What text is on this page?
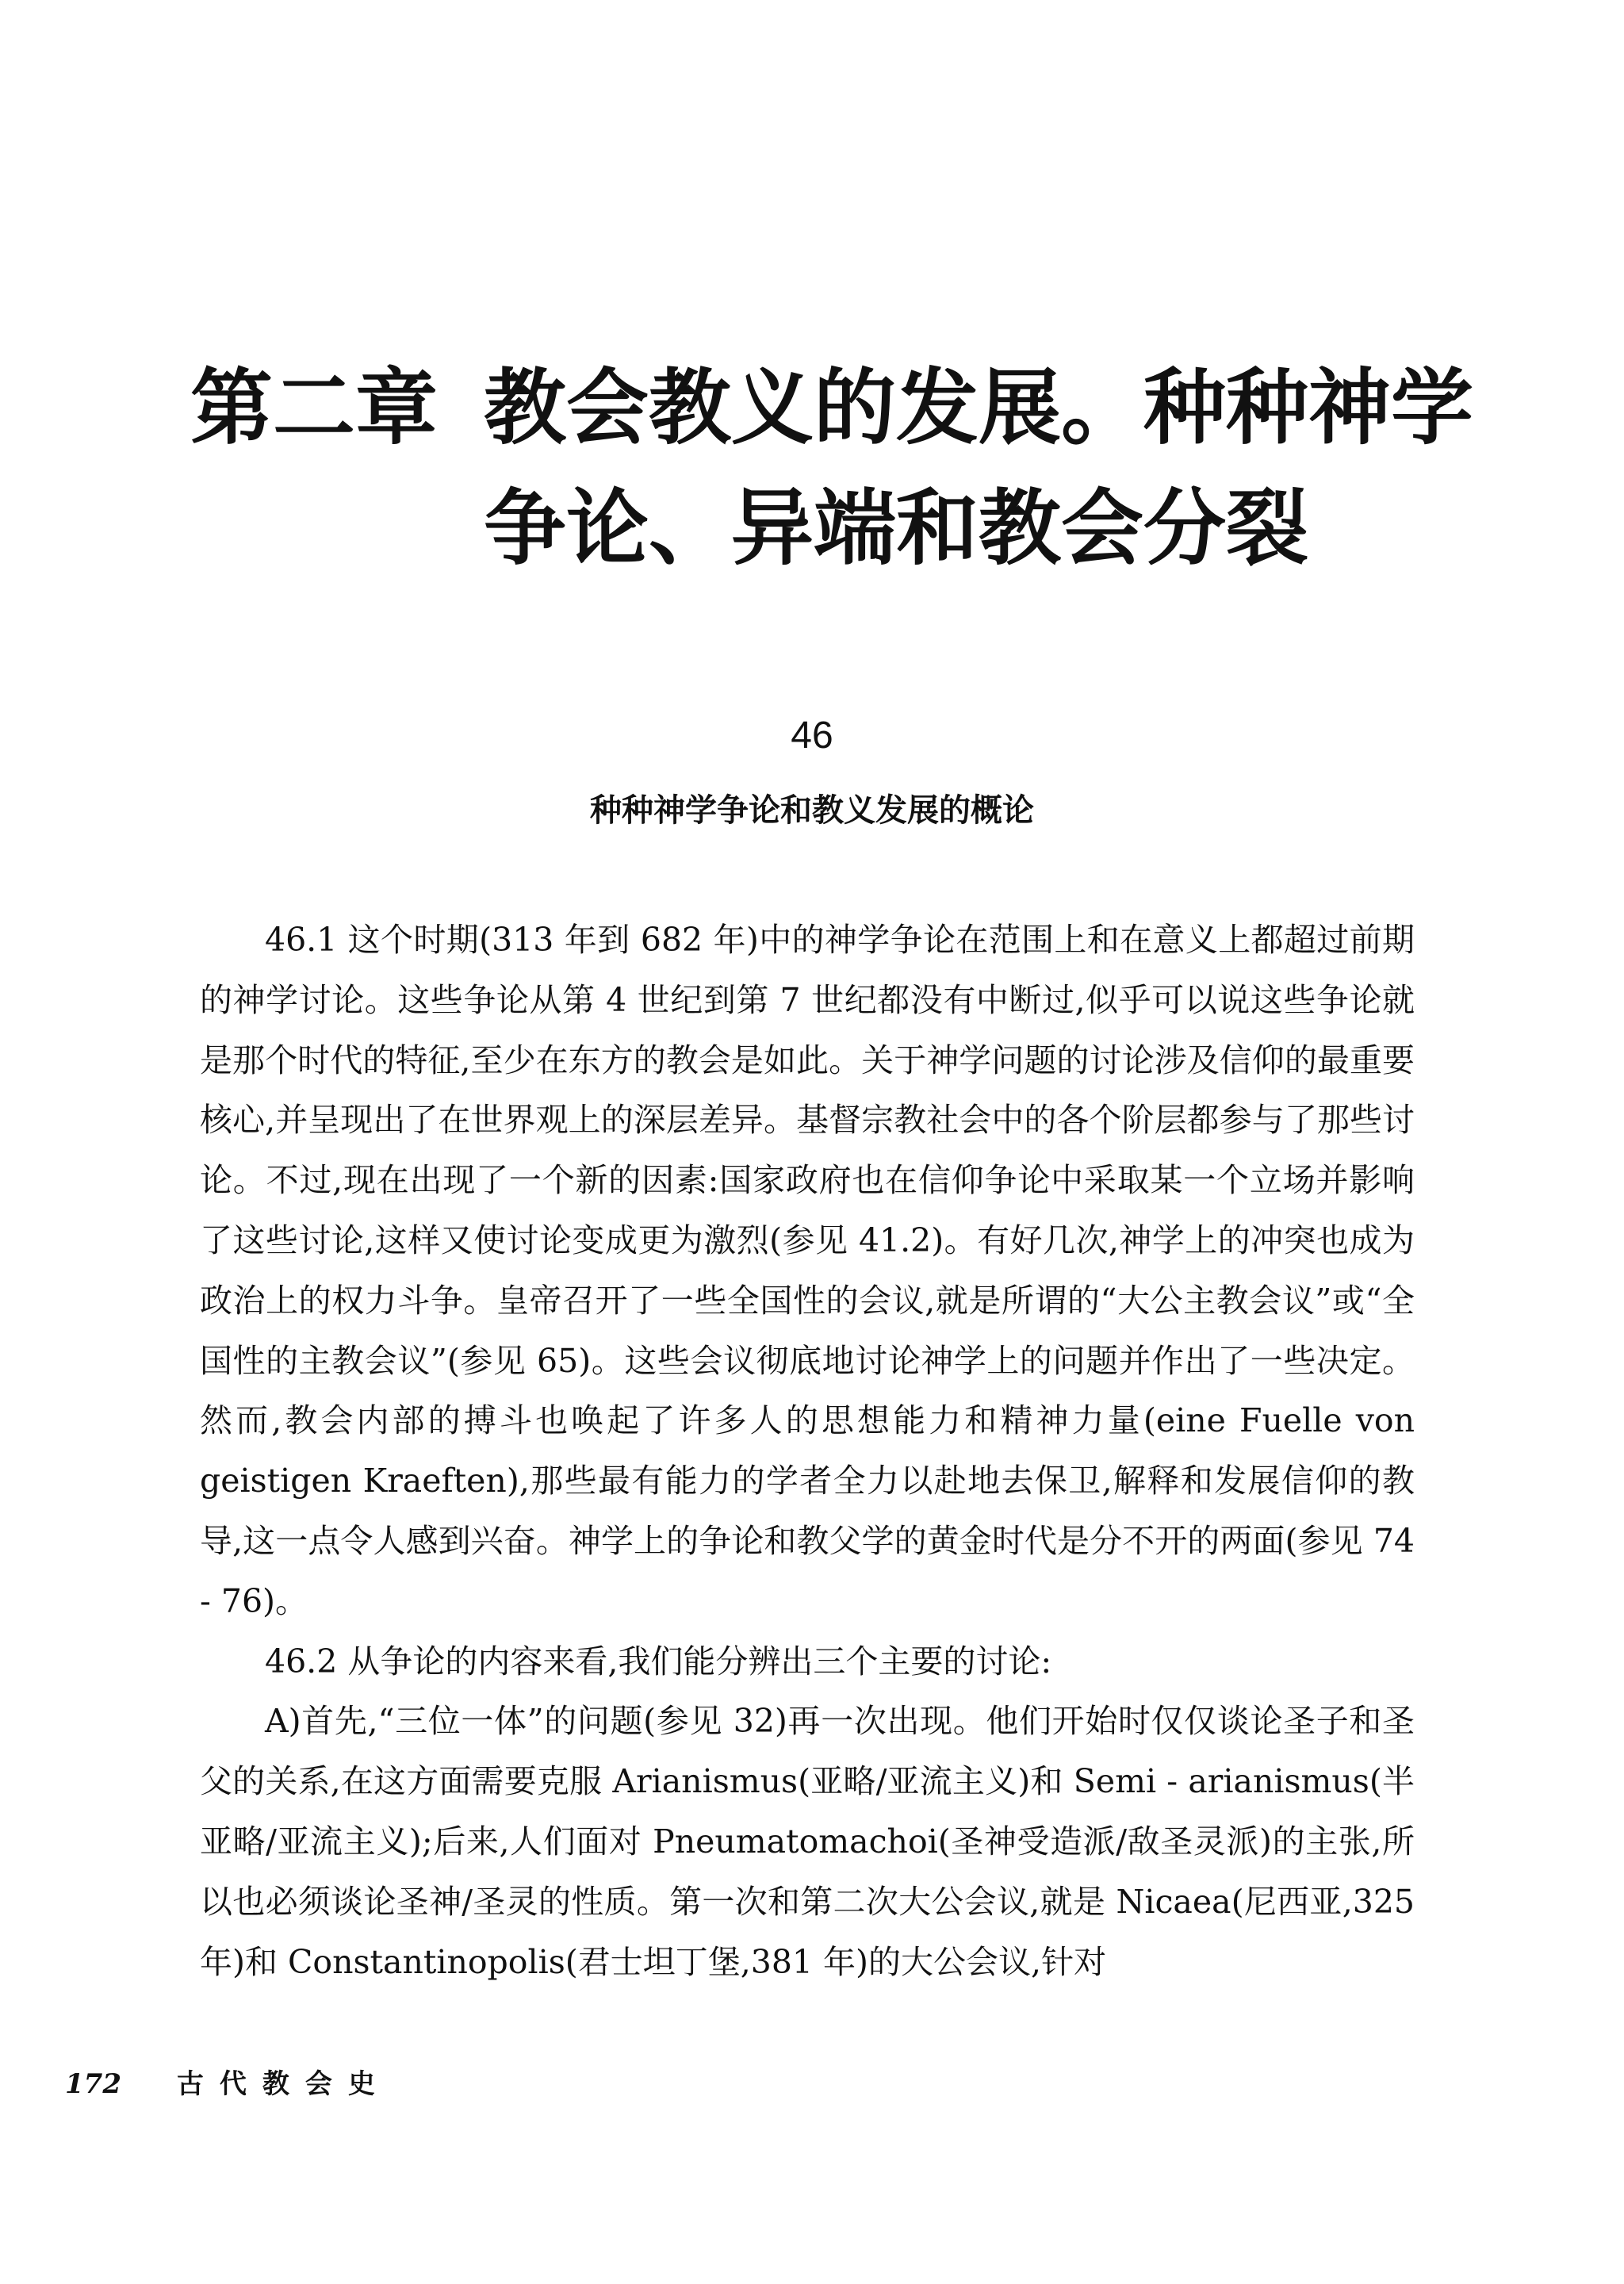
第二章 教会教义的发展。种种神学
争论、异端和教会分裂
46
种种神学争论和教义发展的概论

46.1 这个时期(313 年到 682 年)中的神学争论在范围上和在意义上都超过前期的神学讨论。这些争论从第 4 世纪到第 7 世纪都没有中断过,似乎可以说这些争论就是那个时代的特征,至少在东方的教会是如此。关于神学问题的讨论涉及信仰的最重要核心,并呈现出了在世界观上的深层差异。基督宗教社会中的各个阶层都参与了那些讨论。不过,现在出现了一个新的因素:国家政府也在信仰争论中采取某一个立场并影响了这些讨论,这样又使讨论变成更为激烈(参见 41.2)。有好几次,神学上的冲突也成为政治上的权力斗争。皇帝召开了一些全国性的会议,就是所谓的“大公主教会议”或“全国性的主教会议”(参见 65)。这些会议彻底地讨论神学上的问题并作出了一些决定。然而,教会内部的搏斗也唤起了许多人的思想能力和精神力量(eine Fuelle von geistigen Kraeften),那些最有能力的学者全力以赴地去保卫,解释和发展信仰的教导,这一点令人感到兴奋。神学上的争论和教父学的黄金时代是分不开的两面(参见 74 - 76)。

46.2 从争论的内容来看,我们能分辨出三个主要的讨论:

A)首先,“三位一体”的问题(参见 32)再一次出现。他们开始时仅仅谈论圣子和圣父的关系,在这方面需要克服 Arianismus(亚略/亚流主义)和 Semi - arianismus(半亚略/亚流主义);后来,人们面对 Pneumatomachoi(圣神受造派/敌圣灵派)的主张,所以也必须谈论圣神/圣灵的性质。第一次和第二次大公会议,就是 Nicaea(尼西亚,325 年)和 Constantinopolis(君士坦丁堡,381 年)的大公会议,针对

172 古代教会史
